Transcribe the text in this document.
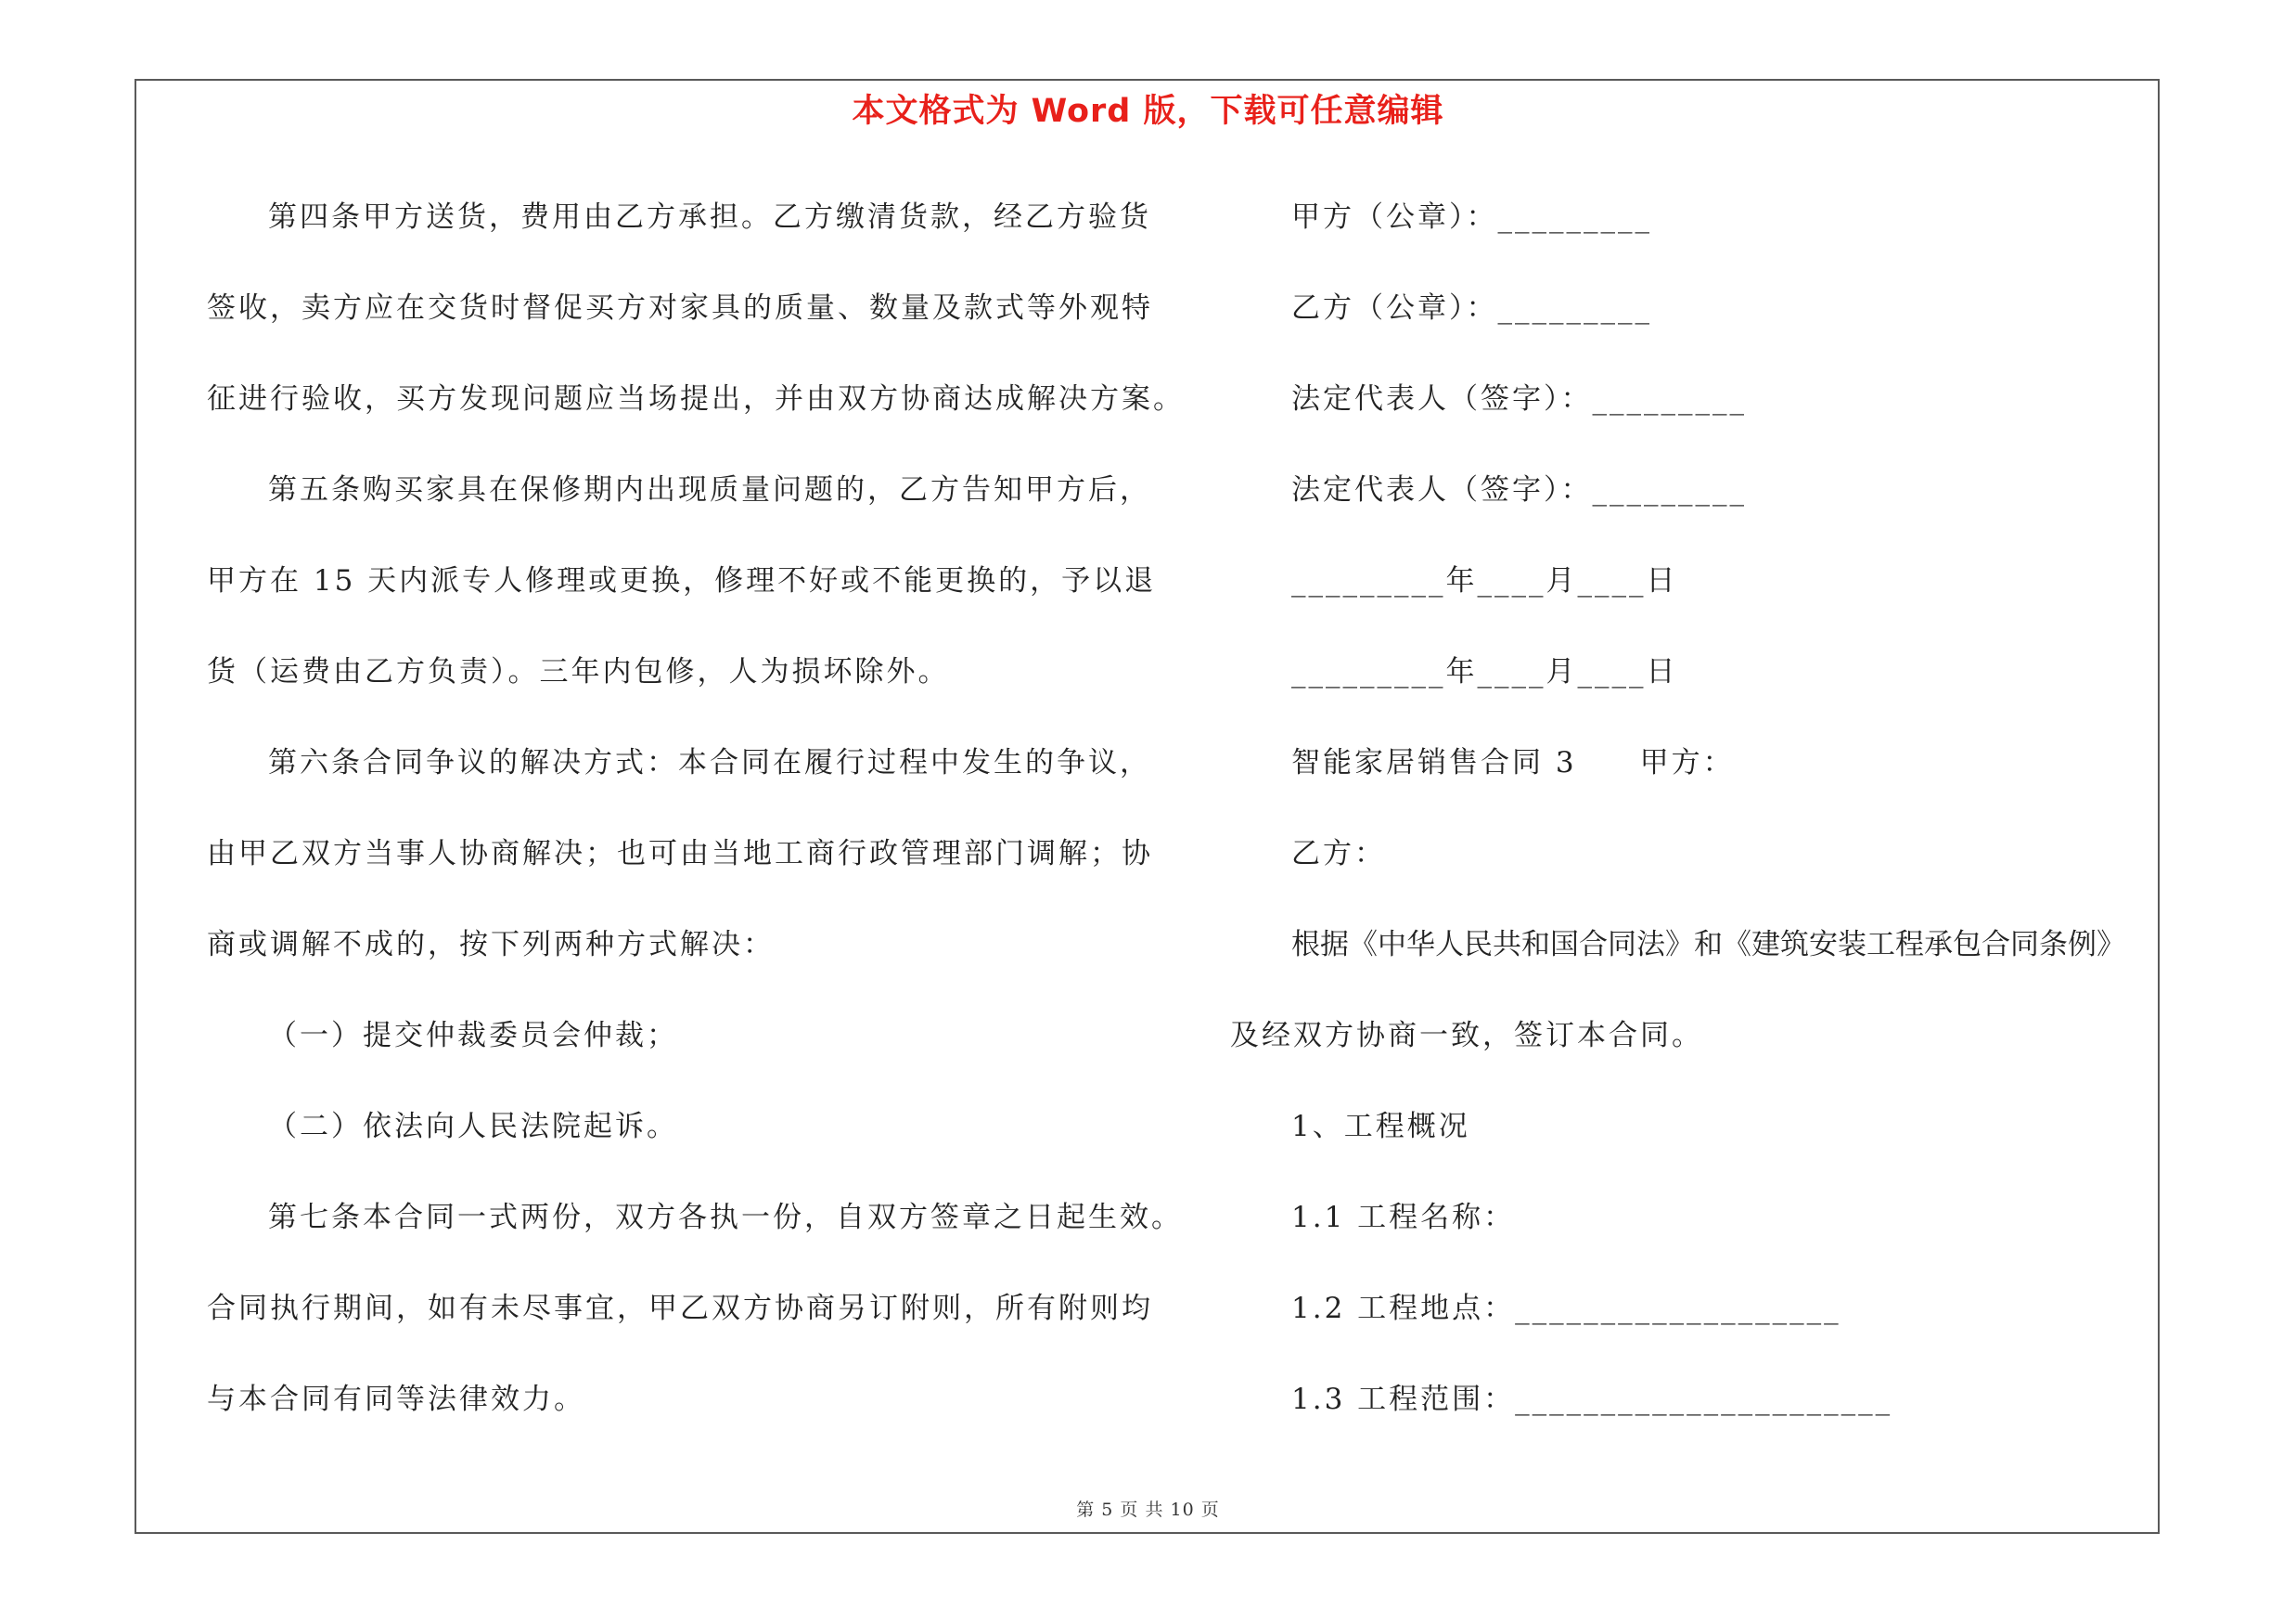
本文格式为 Word 版，下载可任意编辑
第四条甲方送货，费用由乙方承担。乙方缴清货款，经乙方验货
签收，卖方应在交货时督促买方对家具的质量、数量及款式等外观特
征进行验收，买方发现问题应当场提出，并由双方协商达成解决方案。
第五条购买家具在保修期内出现质量问题的，乙方告知甲方后，
甲方在 15 天内派专人修理或更换，修理不好或不能更换的，予以退
货（运费由乙方负责）。三年内包修，人为损坏除外。
第六条合同争议的解决方式：本合同在履行过程中发生的争议，
由甲乙双方当事人协商解决；也可由当地工商行政管理部门调解；协
商或调解不成的，按下列两种方式解决：
（一）提交仲裁委员会仲裁；
（二）依法向人民法院起诉。
第七条本合同一式两份，双方各执一份，自双方签章之日起生效。
合同执行期间，如有未尽事宜，甲乙双方协商另订附则，所有附则均
与本合同有同等法律效力。
甲方（公章）：_________
乙方（公章）：_________
法定代表人（签字）：_________
法定代表人（签字）：_________
_________年____月____日
_________年____月____日
智能家居销售合同 3　　甲方：
乙方：
根据《中华人民共和国合同法》和《建筑安装工程承包合同条例》
及经双方协商一致，签订本合同。
1、工程概况
1.1 工程名称：
1.2 工程地点：___________________
1.3 工程范围：______________________
第 5 页 共 10 页
